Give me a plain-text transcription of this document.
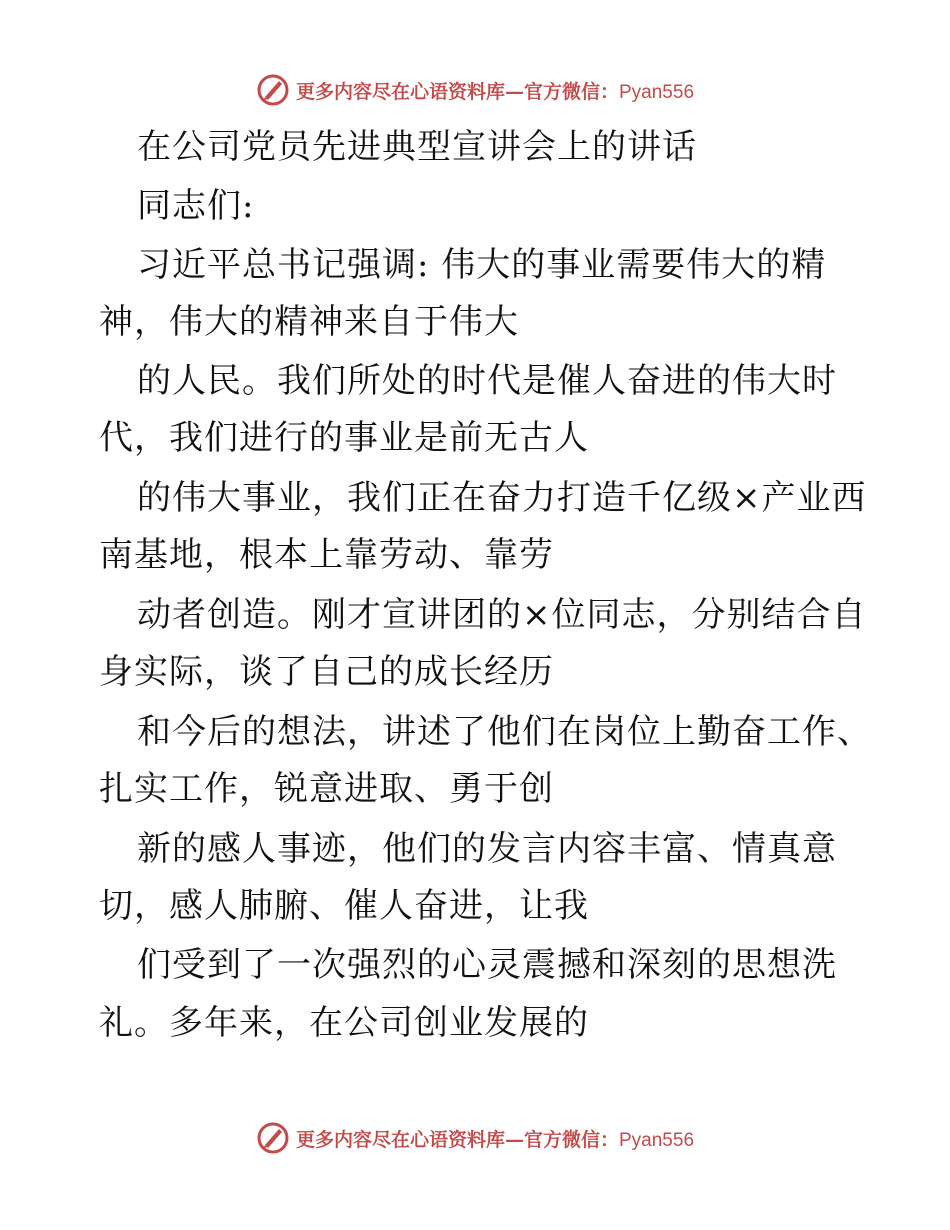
更多内容尽在心语资料库—官方微信：Pyan556
在公司党员先进典型宣讲会上的讲话
同志们:
习近平总书记强调: 伟大的事业需要伟大的精
神，伟大的精神来自于伟大
的人民。我们所处的时代是催人奋进的伟大时
代，我们进行的事业是前无古人
的伟大事业，我们正在奋力打造千亿级×产业西
南基地，根本上靠劳动、靠劳
动者创造。刚才宣讲团的×位同志，分别结合自
身实际，谈了自己的成长经历
和今后的想法，讲述了他们在岗位上勤奋工作、
扎实工作，锐意进取、勇于创
新的感人事迹，他们的发言内容丰富、情真意
切，感人肺腑、催人奋进，让我
们受到了一次强烈的心灵震撼和深刻的思想洗
礼。多年来，在公司创业发展的
更多内容尽在心语资料库—官方微信：Pyan556
